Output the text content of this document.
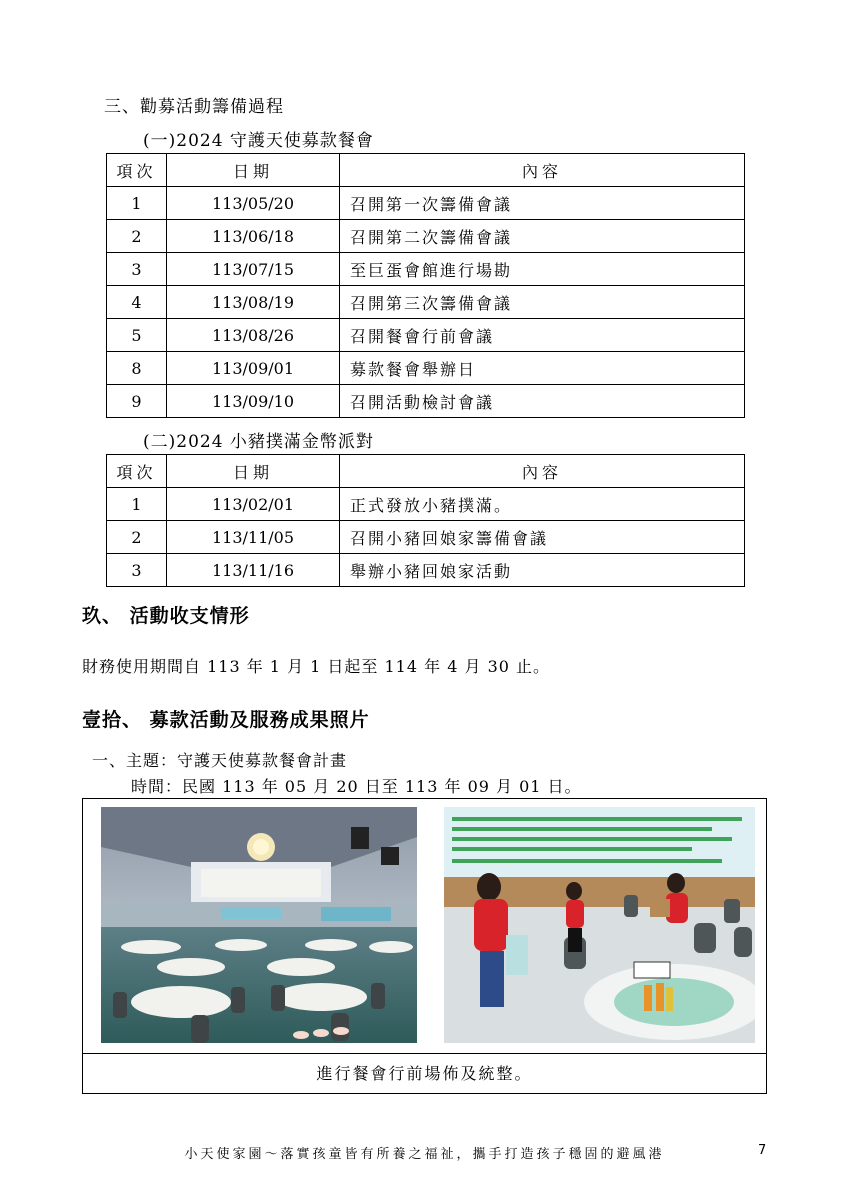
三、勸募活動籌備過程
(一)2024 守護天使募款餐會
項次	日期	內容
1	113/05/20	召開第一次籌備會議
2	113/06/18	召開第二次籌備會議
3	113/07/15	至巨蛋會館進行場勘
4	113/08/19	召開第三次籌備會議
5	113/08/26	召開餐會行前會議
8	113/09/01	募款餐會舉辦日
9	113/09/10	召開活動檢討會議
(二)2024 小豬撲滿金幣派對
項次	日期	內容
1	113/02/01	正式發放小豬撲滿。
2	113/11/05	召開小豬回娘家籌備會議
3	113/11/16	舉辦小豬回娘家活動
玖、 活動收支情形
財務使用期間自 113 年 1 月 1 日起至 114 年 4 月 30 止。
壹拾、 募款活動及服務成果照片
一、主題：守護天使募款餐會計畫
時間：民國 113 年 05 月 20 日至 113 年 09 月 01 日。
進行餐會行前場佈及統整。
小天使家園～落實孩童皆有所養之福祉，攜手打造孩子穩固的避風港	7
